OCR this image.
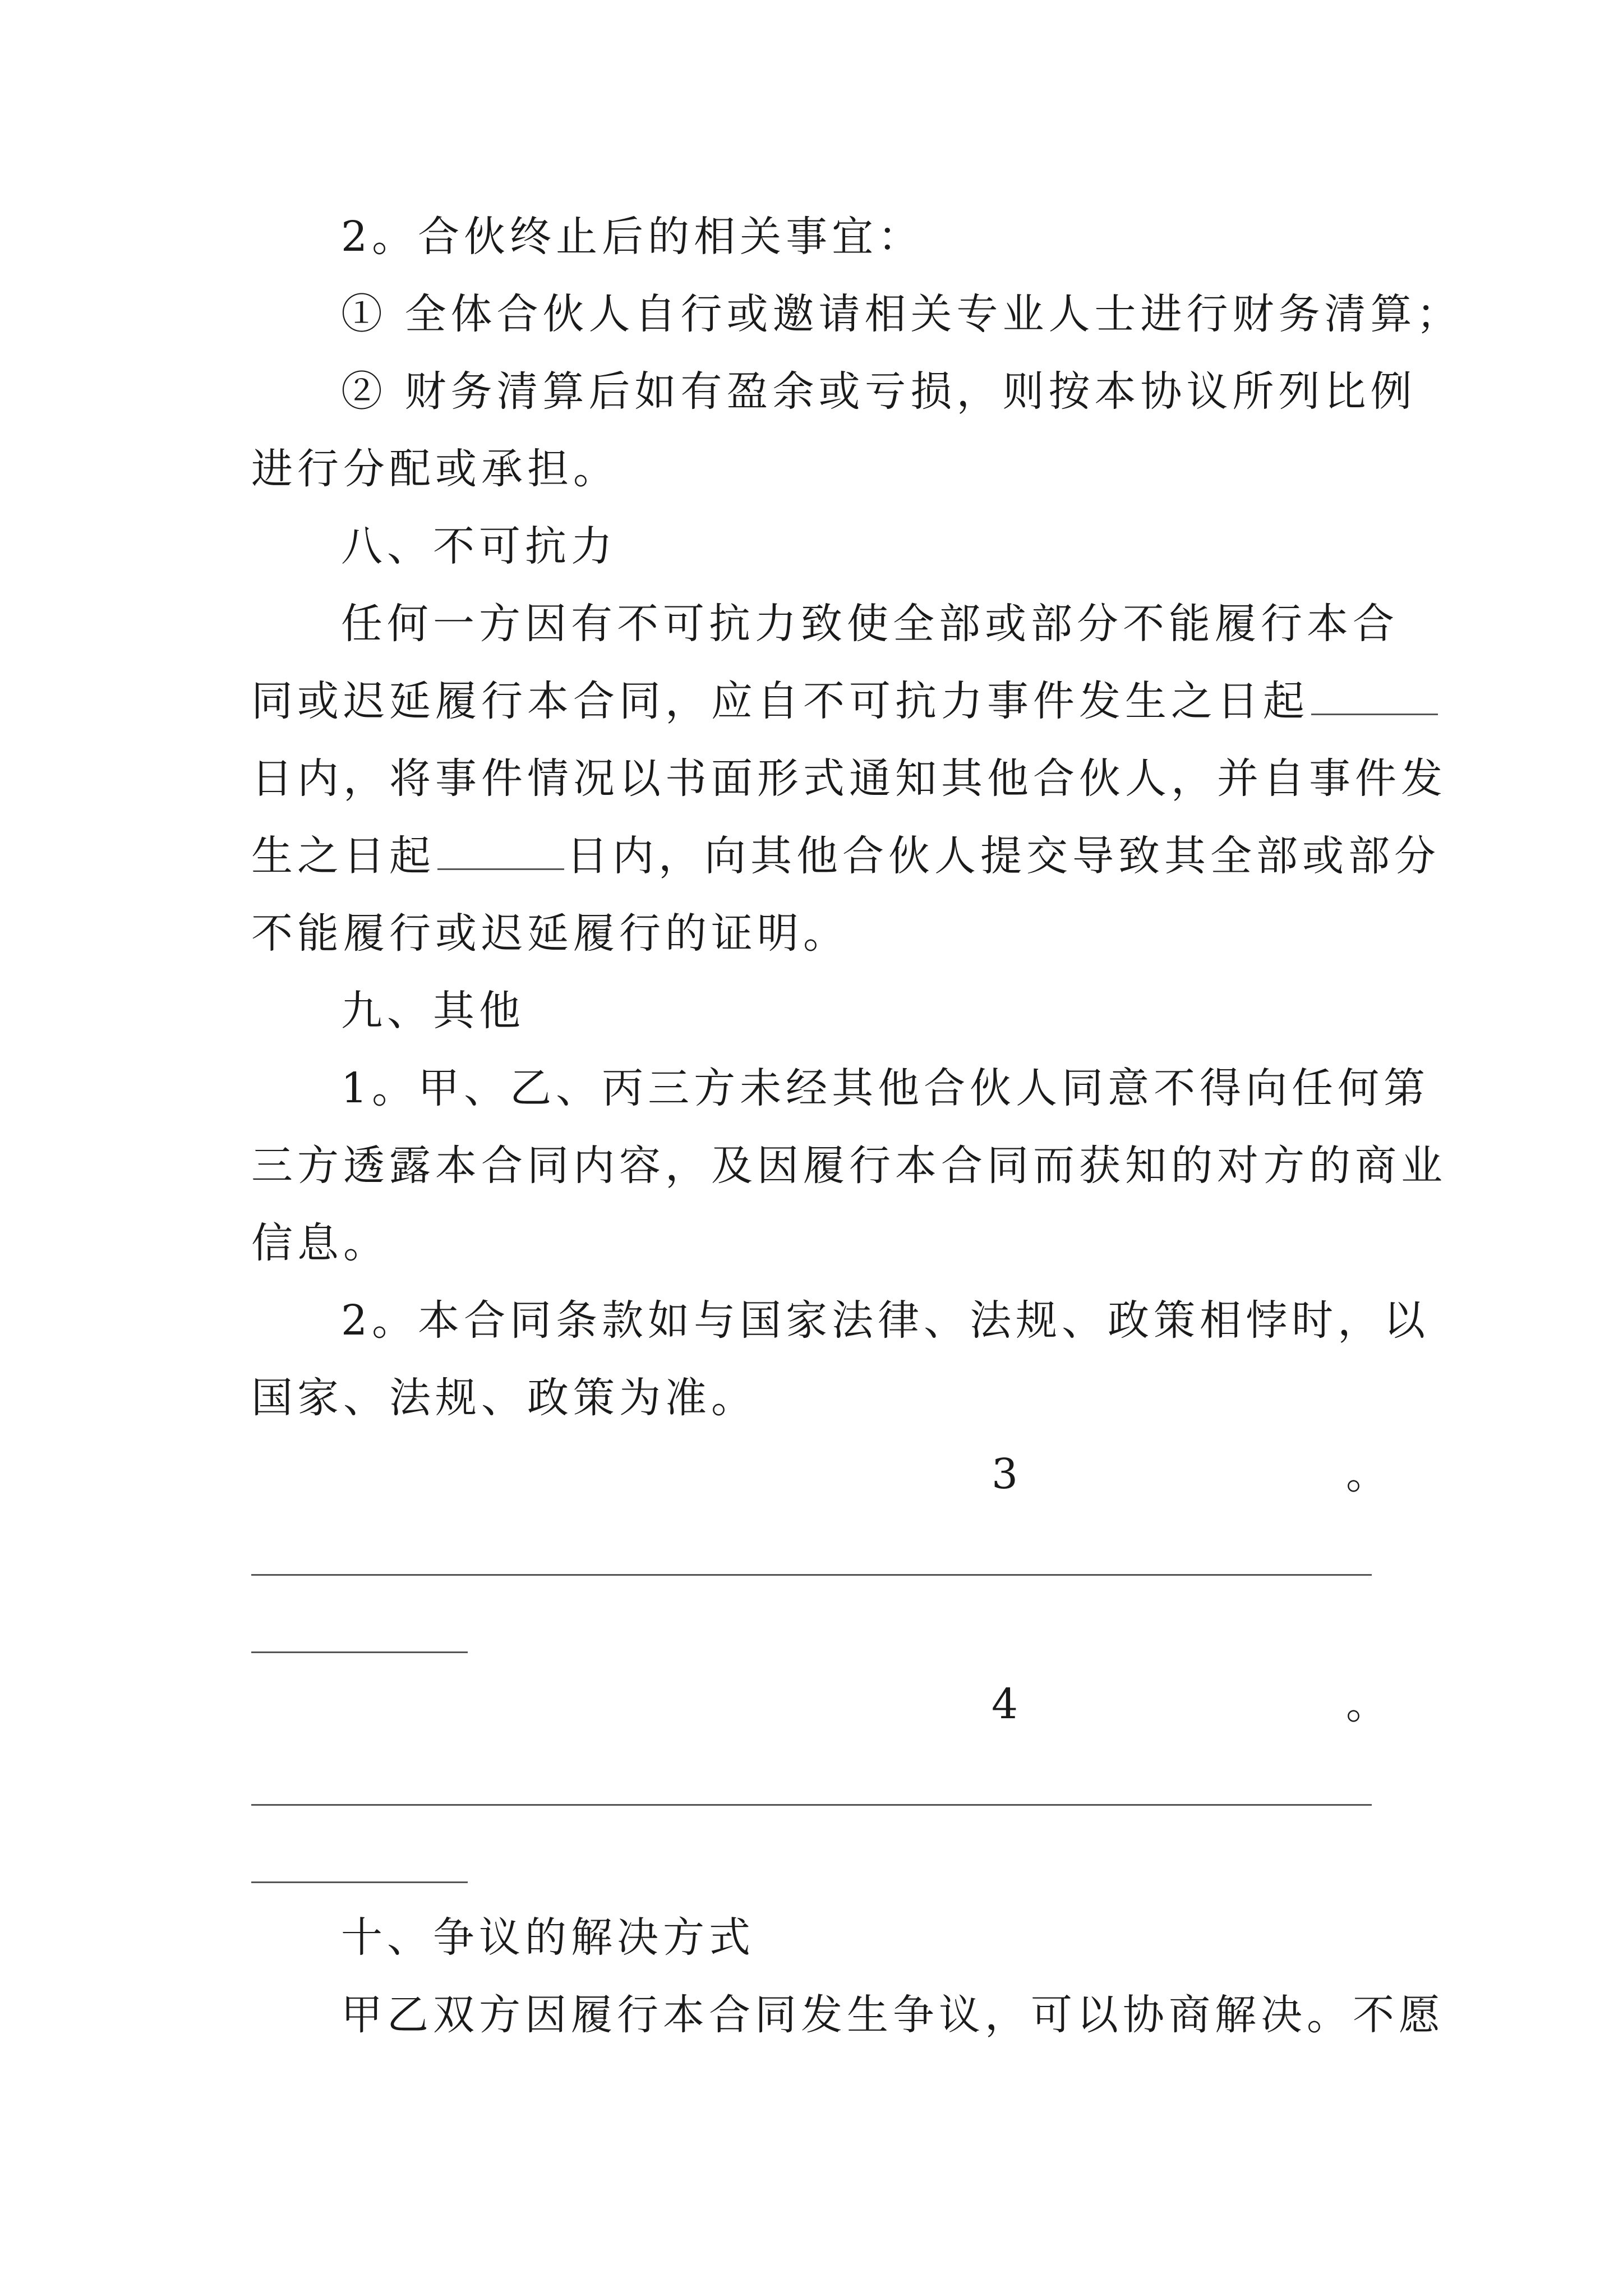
2。合伙终止后的相关事宜：
① 全体合伙人自行或邀请相关专业人士进行财务清算；
② 财务清算后如有盈余或亏损，则按本协议所列比例
进行分配或承担。
八、不可抗力
任何一方因有不可抗力致使全部或部分不能履行本合
同或迟延履行本合同，应自不可抗力事件发生之日起
日内，将事件情况以书面形式通知其他合伙人，并自事件发
生之日起	日内，向其他合伙人提交导致其全部或部分
不能履行或迟延履行的证明。
九、其他
1。甲、乙、丙三方未经其他合伙人同意不得向任何第
三方透露本合同内容，及因履行本合同而获知的对方的商业
信息。
2。本合同条款如与国家法律、法规、政策相悖时，以
国家、法规、政策为准。
3	。
4	。
十、争议的解决方式
甲乙双方因履行本合同发生争议，可以协商解决。不愿
